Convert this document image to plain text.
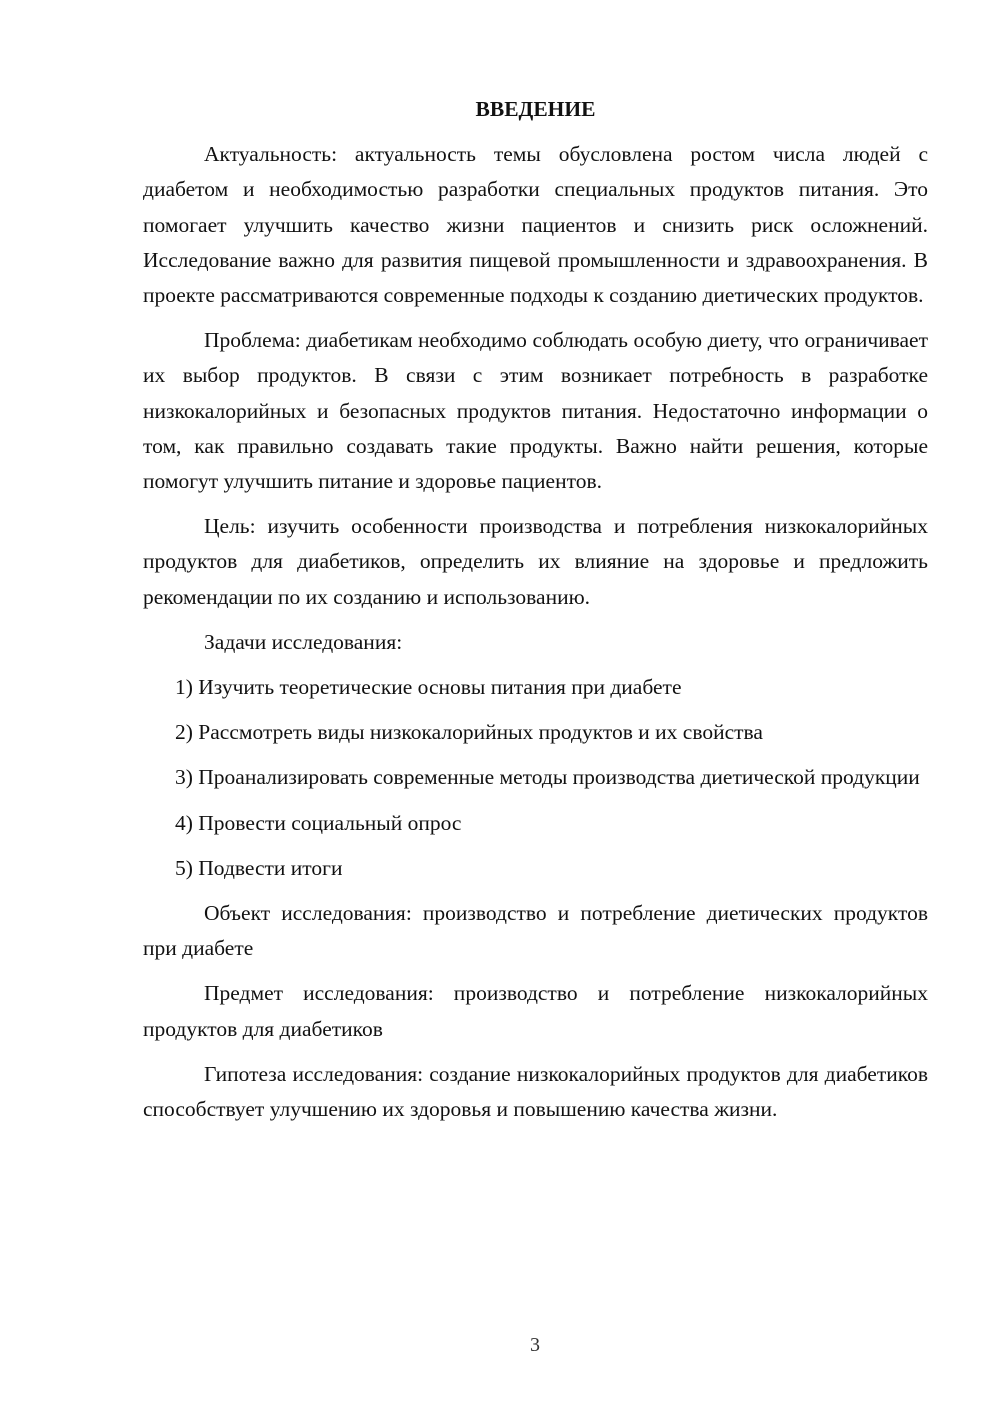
ВВЕДЕНИЕ

Актуальность: актуальность темы обусловлена ростом числа людей с диабетом и необходимостью разработки специальных продуктов питания. Это помогает улучшить качество жизни пациентов и снизить риск осложнений. Исследование важно для развития пищевой промышленности и здравоохранения. В проекте рассматриваются современные подходы к созданию диетических продуктов.

Проблема: диабетикам необходимо соблюдать особую диету, что ограничивает их выбор продуктов. В связи с этим возникает потребность в разработке низкокалорийных и безопасных продуктов питания. Недостаточно информации о том, как правильно создавать такие продукты. Важно найти решения, которые помогут улучшить питание и здоровье пациентов.

Цель: изучить особенности производства и потребления низкокалорийных продуктов для диабетиков, определить их влияние на здоровье и предложить рекомендации по их созданию и использованию.

Задачи исследования:

1) Изучить теоретические основы питания при диабете

2) Рассмотреть виды низкокалорийных продуктов и их свойства

3) Проанализировать современные методы производства диетической продукции

4) Провести социальный опрос

5) Подвести итоги

Объект исследования: производство и потребление диетических продуктов при диабете

Предмет исследования: производство и потребление низкокалорийных продуктов для диабетиков

Гипотеза исследования: создание низкокалорийных продуктов для диабетиков способствует улучшению их здоровья и повышению качества жизни.

3
